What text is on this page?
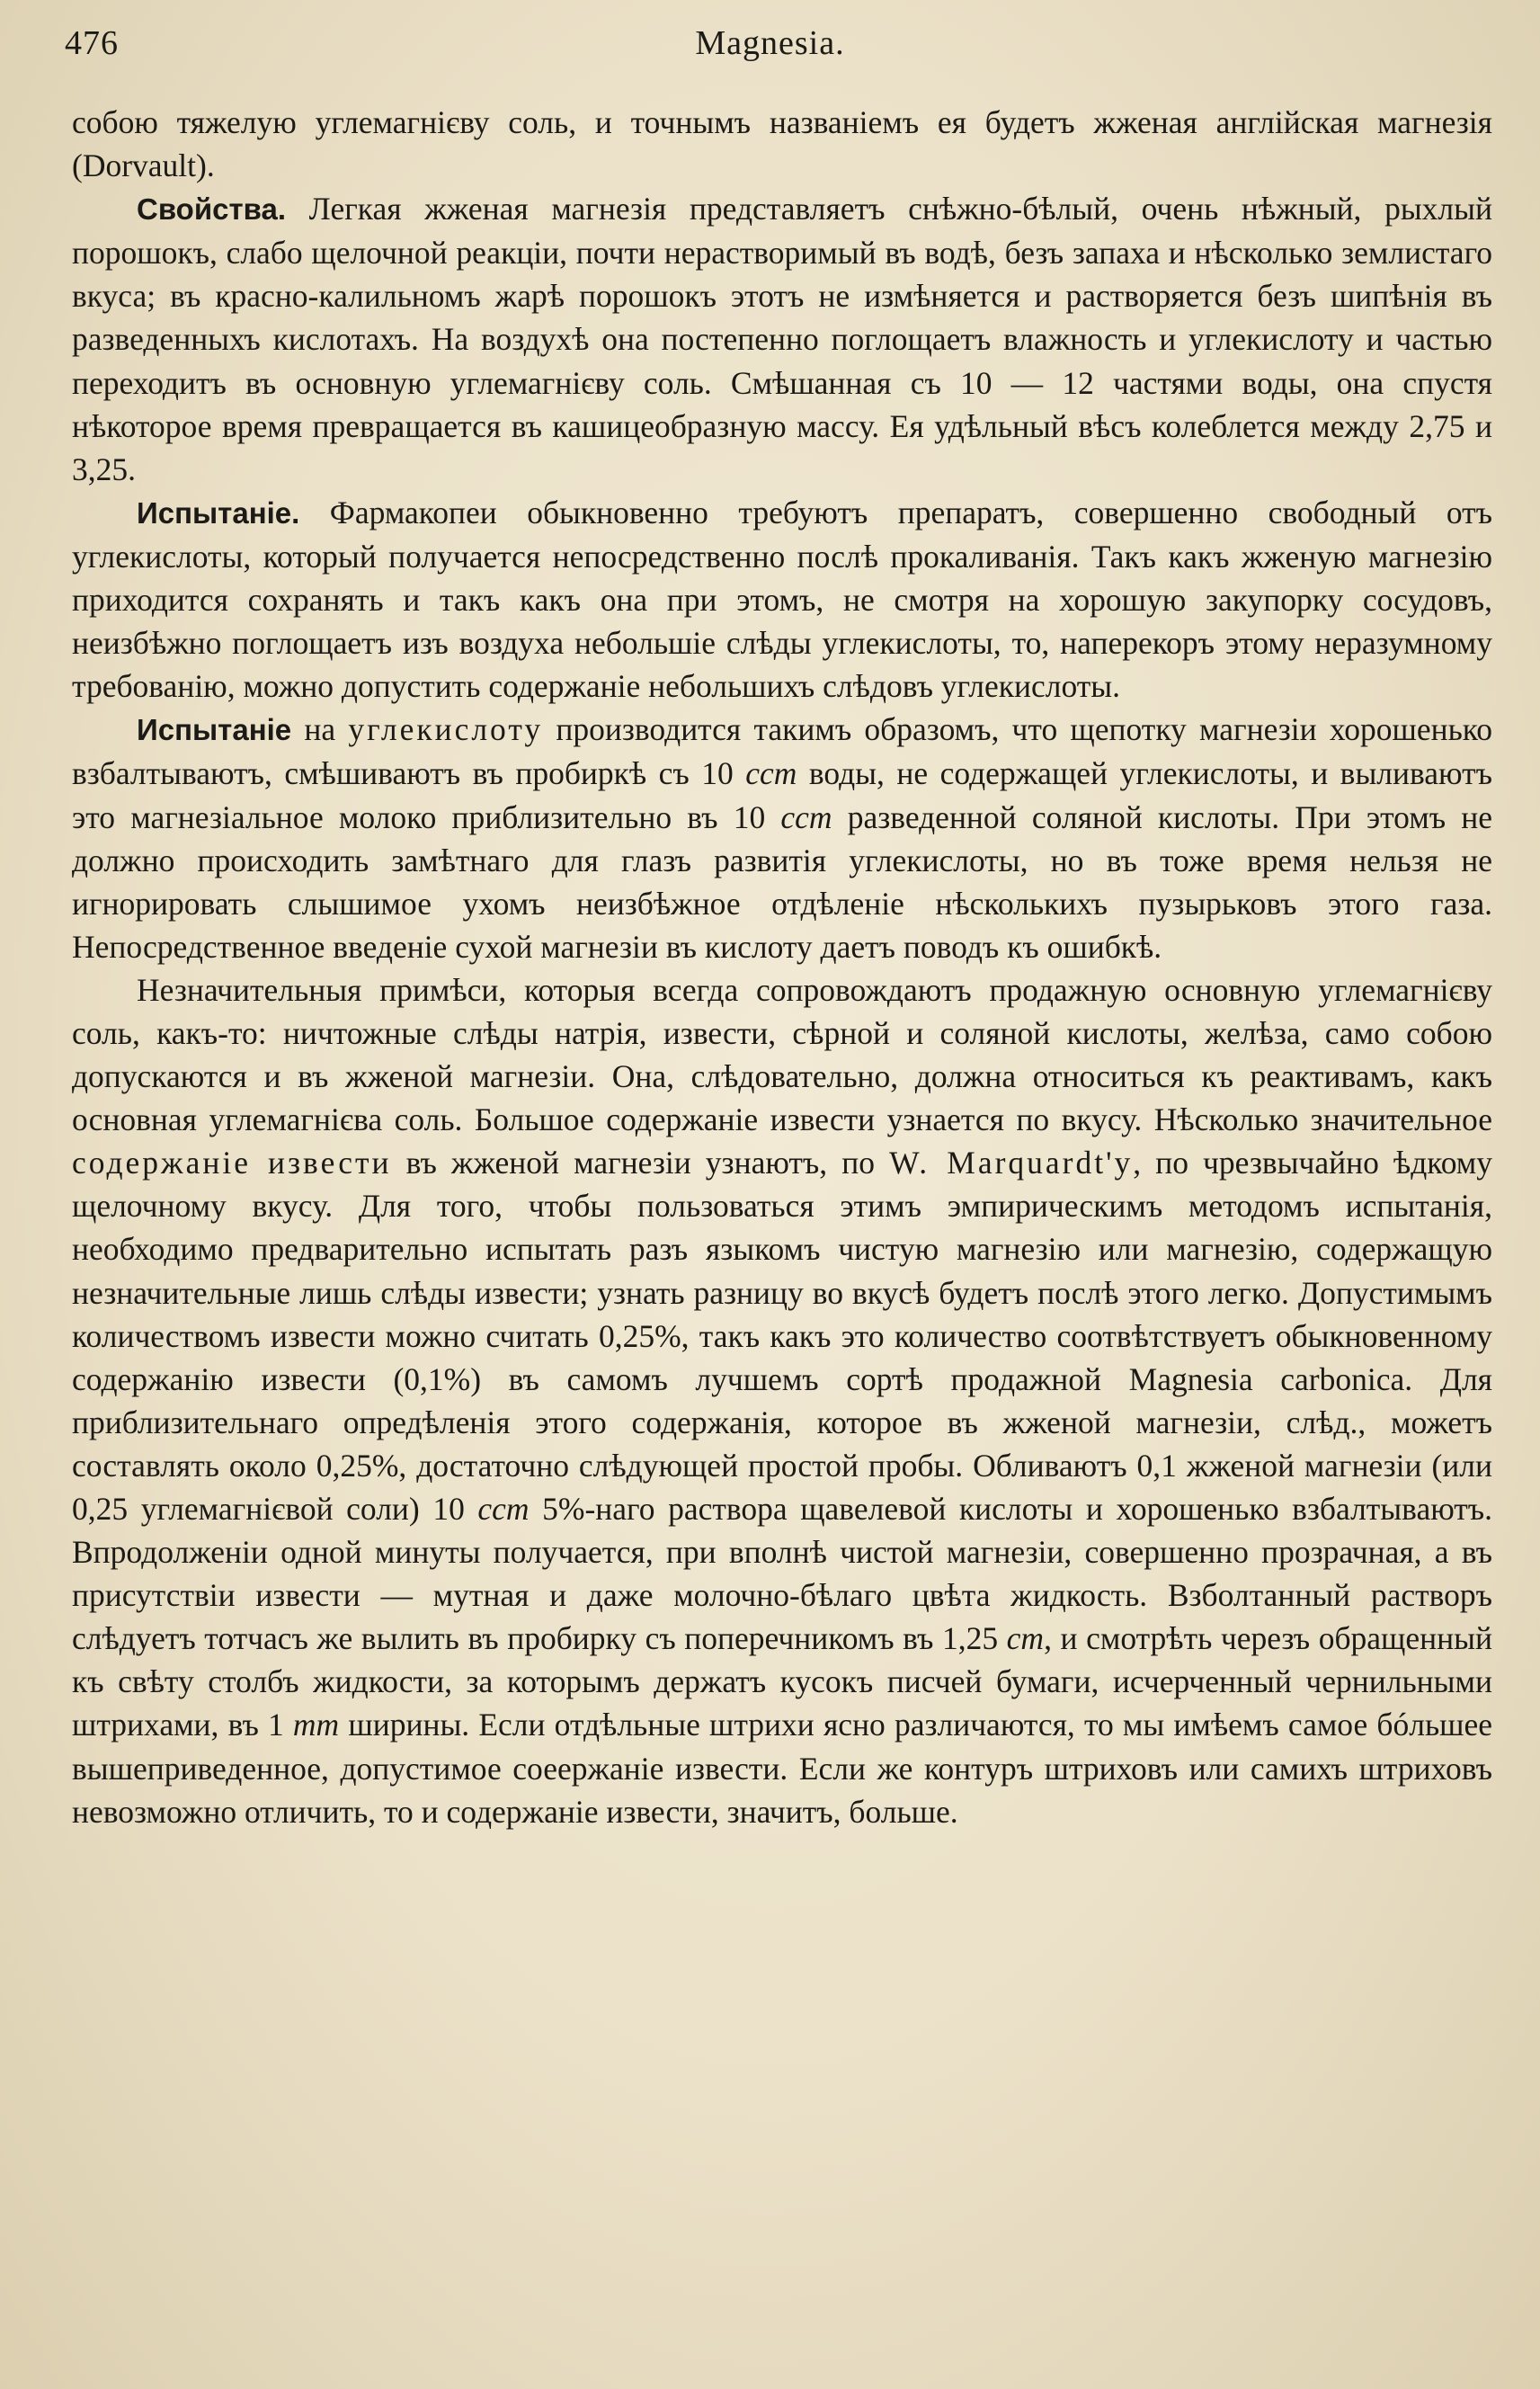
476	Magnesia.

собою тяжелую углемагнієву соль, и точнымъ названіемъ ея будетъ жженая англійская магнезія (Dorvault).

Свойства. Легкая жженая магнезія представляетъ снѣжно-бѣлый, очень нѣжный, рыхлый порошокъ, слабо щелочной реакціи, почти нерастворимый въ водѣ, безъ запаха и нѣсколько землистаго вкуса; въ красно-калильномъ жарѣ порошокъ этотъ не измѣняется и растворяется безъ шипѣнія въ разведенныхъ кислотахъ. На воздухѣ она постепенно поглощаетъ влажность и углекислоту и частью переходитъ въ основную углемагнієву соль. Смѣшанная съ 10 — 12 частями воды, она спустя нѣкоторое время превращается въ кашицеобразную массу. Ея удѣльный вѣсъ колеблется между 2,75 и 3,25.

Испытаніе. Фармакопеи обыкновенно требуютъ препаратъ, совершенно свободный отъ углекислоты, который получается непосредственно послѣ прокаливанія. Такъ какъ жженую магнезію приходится сохранять и такъ какъ она при этомъ, не смотря на хорошую закупорку сосудовъ, неизбѣжно поглощаетъ изъ воздуха небольшіе слѣды углекислоты, то, наперекоръ этому неразумному требованію, можно допустить содержаніе небольшихъ слѣдовъ углекислоты.

Испытаніе на углекислоту производится такимъ образомъ, что щепотку магнезіи хорошенько взбалтываютъ, смѣшиваютъ въ пробиркѣ съ 10 cсm воды, не содержащей углекислоты, и выливаютъ это магнезіальное молоко приблизительно въ 10 cсm разведенной соляной кислоты. При этомъ не должно происходить замѣтнаго для глазъ развитія углекислоты, но въ тоже время нельзя не игнорировать слышимое ухомъ неизбѣжное отдѣленіе нѣсколькихъ пузырьковъ этого газа. Непосредственное введеніе сухой магнезіи въ кислоту даетъ поводъ къ ошибкѣ.

Незначительныя примѣси, которыя всегда сопровождаютъ продажную основную углемагнієву соль, какъ-то: ничтожные слѣды натрія, извести, сѣрной и соляной кислоты, желѣза, само собою допускаются и въ жженой магнезіи. Она, слѣдовательно, должна относиться къ реактивамъ, какъ основная углемагнієва соль. Большое содержаніе извести узнается по вкусу. Нѣсколько значительное содержаніе извести въ жженой магнезіи узнаютъ, по W. Marquardt'у, по чрезвычайно ѣдкому щелочному вкусу. Для того, чтобы пользоваться этимъ эмпирическимъ методомъ испытанія, необходимо предварительно испытать разъ языкомъ чистую магнезію или магнезію, содержащую незначительные лишь слѣды извести; узнать разницу во вкусѣ будетъ послѣ этого легко. Допустимымъ количествомъ извести можно считать 0,25%, такъ какъ это количество соотвѣтствуетъ обыкновенному содержанію извести (0,1%) въ самомъ лучшемъ сортѣ продажной Magnesia carbonica. Для приблизительнаго опредѣленія этого содержанія, которое въ жженой магнезіи, слѣд., можетъ составлять около 0,25%, достаточно слѣдующей простой пробы. Обливаютъ 0,1 жженой магнезіи (или 0,25 углемагнієвой соли) 10 ccm 5%-наго раствора щавелевой кислоты и хорошенько взбалтываютъ. Впродолженіи одной минуты получается, при вполнѣ чистой магнезіи, совершенно прозрачная, а въ присутствіи извести — мутная и даже молочно-бѣлаго цвѣта жидкость. Взболтанный растворъ слѣдуетъ тотчасъ же вылить въ пробирку съ поперечникомъ въ 1,25 cm, и смотрѣть черезъ обращенный къ свѣту столбъ жидкости, за которымъ держатъ кусокъ писчей бумаги, исчерченный чернильными штрихами, въ 1 mm ширины. Если отдѣльные штрихи ясно различаются, то мы имѣемъ самое бóльшее вышеприведенное, допустимое соеержаніе извести. Если же контуръ штриховъ или самихъ штриховъ невозможно отличить, то и содержаніе извести, значитъ, больше.
